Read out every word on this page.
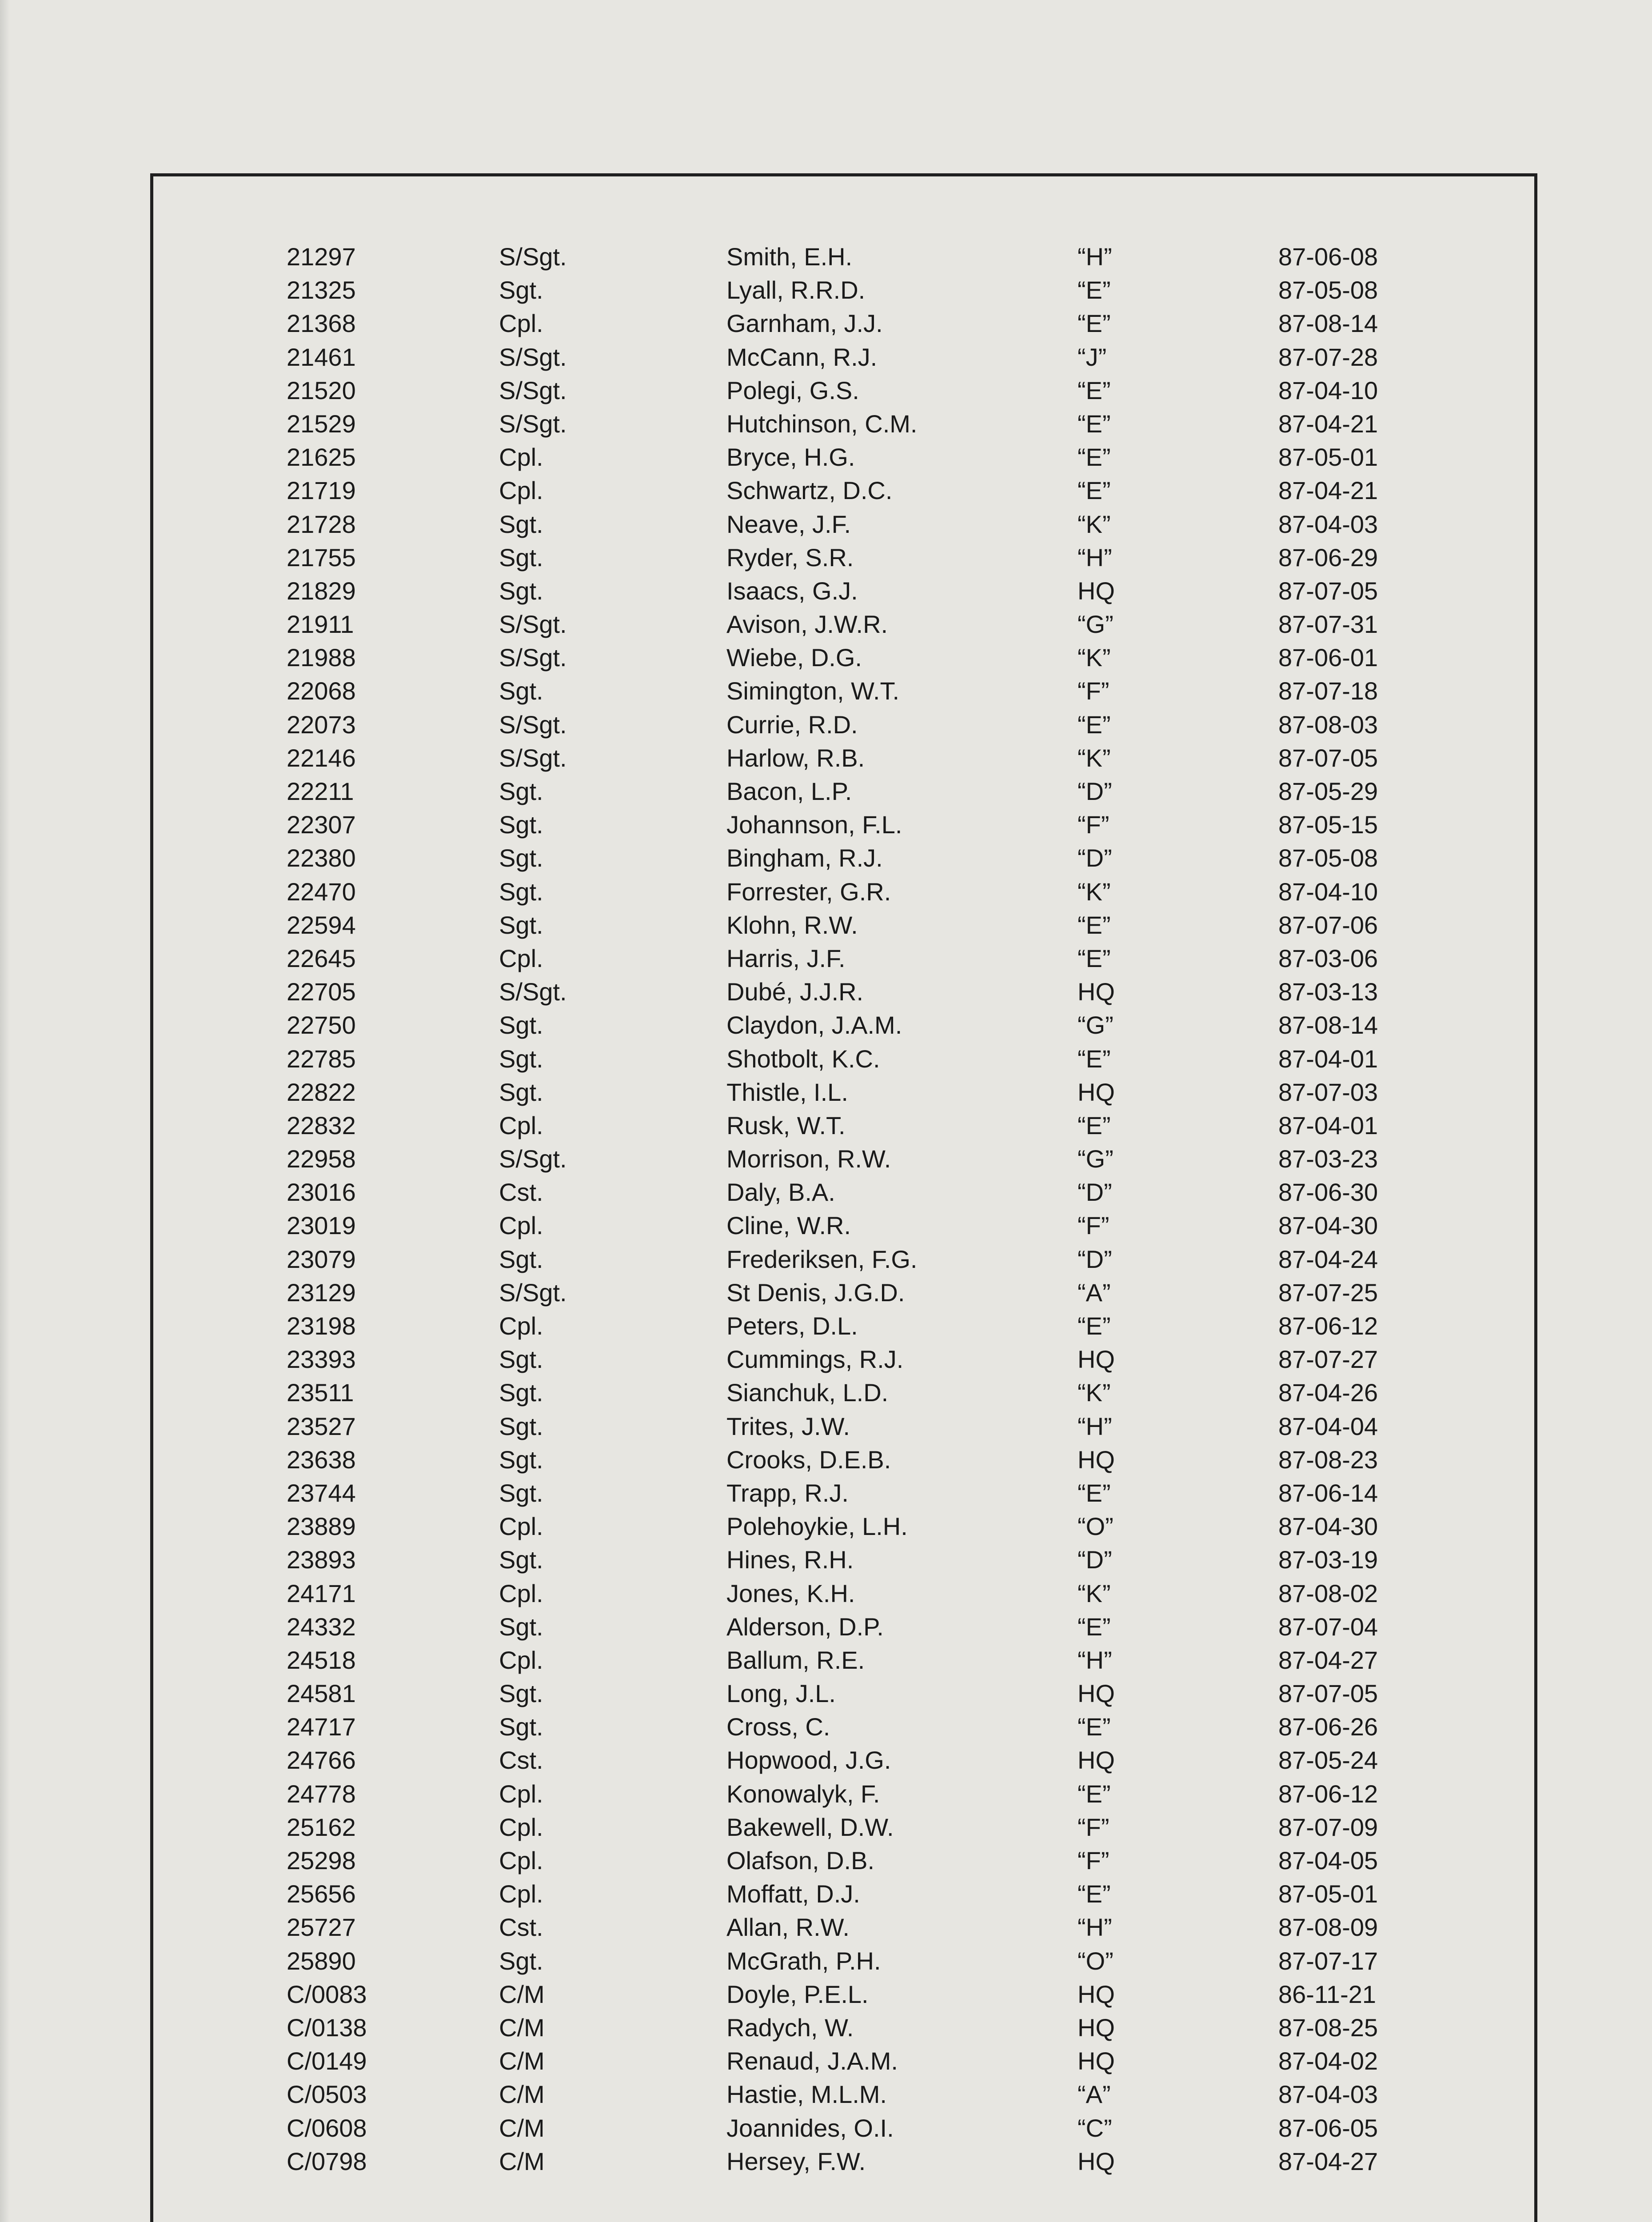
21297	S/Sgt.	Smith, E.H.	“H”	87-06-08
21325	Sgt.	Lyall, R.R.D.	“E”	87-05-08
21368	Cpl.	Garnham, J.J.	“E”	87-08-14
21461	S/Sgt.	McCann, R.J.	“J”	87-07-28
21520	S/Sgt.	Polegi, G.S.	“E”	87-04-10
21529	S/Sgt.	Hutchinson, C.M.	“E”	87-04-21
21625	Cpl.	Bryce, H.G.	“E”	87-05-01
21719	Cpl.	Schwartz, D.C.	“E”	87-04-21
21728	Sgt.	Neave, J.F.	“K”	87-04-03
21755	Sgt.	Ryder, S.R.	“H”	87-06-29
21829	Sgt.	Isaacs, G.J.	HQ	87-07-05
21911	S/Sgt.	Avison, J.W.R.	“G”	87-07-31
21988	S/Sgt.	Wiebe, D.G.	“K”	87-06-01
22068	Sgt.	Simington, W.T.	“F”	87-07-18
22073	S/Sgt.	Currie, R.D.	“E”	87-08-03
22146	S/Sgt.	Harlow, R.B.	“K”	87-07-05
22211	Sgt.	Bacon, L.P.	“D”	87-05-29
22307	Sgt.	Johannson, F.L.	“F”	87-05-15
22380	Sgt.	Bingham, R.J.	“D”	87-05-08
22470	Sgt.	Forrester, G.R.	“K”	87-04-10
22594	Sgt.	Klohn, R.W.	“E”	87-07-06
22645	Cpl.	Harris, J.F.	“E”	87-03-06
22705	S/Sgt.	Dubé, J.J.R.	HQ	87-03-13
22750	Sgt.	Claydon, J.A.M.	“G”	87-08-14
22785	Sgt.	Shotbolt, K.C.	“E”	87-04-01
22822	Sgt.	Thistle, I.L.	HQ	87-07-03
22832	Cpl.	Rusk, W.T.	“E”	87-04-01
22958	S/Sgt.	Morrison, R.W.	“G”	87-03-23
23016	Cst.	Daly, B.A.	“D”	87-06-30
23019	Cpl.	Cline, W.R.	“F”	87-04-30
23079	Sgt.	Frederiksen, F.G.	“D”	87-04-24
23129	S/Sgt.	St Denis, J.G.D.	“A”	87-07-25
23198	Cpl.	Peters, D.L.	“E”	87-06-12
23393	Sgt.	Cummings, R.J.	HQ	87-07-27
23511	Sgt.	Sianchuk, L.D.	“K”	87-04-26
23527	Sgt.	Trites, J.W.	“H”	87-04-04
23638	Sgt.	Crooks, D.E.B.	HQ	87-08-23
23744	Sgt.	Trapp, R.J.	“E”	87-06-14
23889	Cpl.	Polehoykie, L.H.	“O”	87-04-30
23893	Sgt.	Hines, R.H.	“D”	87-03-19
24171	Cpl.	Jones, K.H.	“K”	87-08-02
24332	Sgt.	Alderson, D.P.	“E”	87-07-04
24518	Cpl.	Ballum, R.E.	“H”	87-04-27
24581	Sgt.	Long, J.L.	HQ	87-07-05
24717	Sgt.	Cross, C.	“E”	87-06-26
24766	Cst.	Hopwood, J.G.	HQ	87-05-24
24778	Cpl.	Konowalyk, F.	“E”	87-06-12
25162	Cpl.	Bakewell, D.W.	“F”	87-07-09
25298	Cpl.	Olafson, D.B.	“F”	87-04-05
25656	Cpl.	Moffatt, D.J.	“E”	87-05-01
25727	Cst.	Allan, R.W.	“H”	87-08-09
25890	Sgt.	McGrath, P.H.	“O”	87-07-17
C/0083	C/M	Doyle, P.E.L.	HQ	86-11-21
C/0138	C/M	Radych, W.	HQ	87-08-25
C/0149	C/M	Renaud, J.A.M.	HQ	87-04-02
C/0503	C/M	Hastie, M.L.M.	“A”	87-04-03
C/0608	C/M	Joannides, O.I.	“C”	87-06-05
C/0798	C/M	Hersey, F.W.	HQ	87-04-27
